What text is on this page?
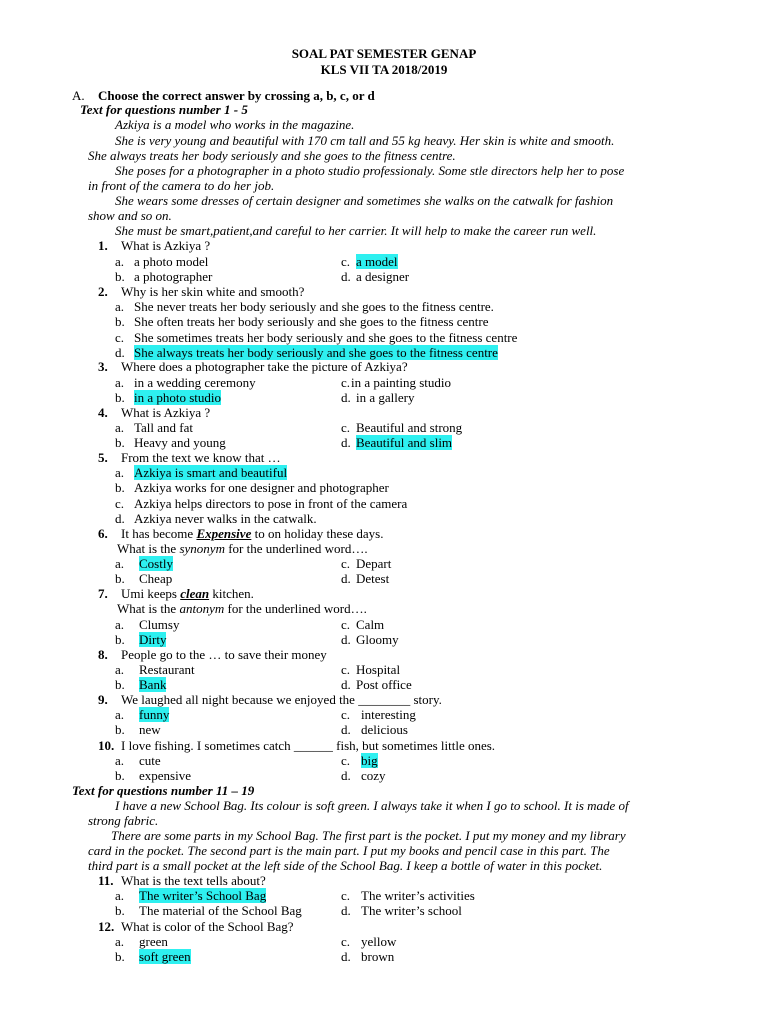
SOAL PAT SEMESTER GENAP
KLS VII TA 2018/2019
A. Choose the correct answer by crossing a, b, c, or d
Text for questions number 1 - 5
Azkiya is a model who works in the magazine.
She is very young and beautiful with 170 cm tall and 55 kg heavy. Her skin is white and smooth.
She always treats her body seriously and she goes to the fitness centre.
She poses for a photographer in a photo studio professionaly. Some stle directors help her to pose
in front of the camera to do her job.
She wears some dresses of certain designer and sometimes she walks on the catwalk for fashion
show and so on.
She must be smart,patient,and careful to her carrier. It will help to make the career run well.
1. What is Azkiya ?
a. a photo model
b. a photographer
c. a model
d. a designer
2. Why is her skin white and smooth?
a. She never treats her body seriously and she goes to the fitness centre.
b. She often treats her body seriously and she goes to the fitness centre
c. She sometimes treats her body seriously and she goes to the fitness centre
d. She always treats her body seriously and she goes to the fitness centre
3. Where does a photographer take the picture of Azkiya?
a. in a wedding ceremony
b. in a photo studio
c. in a painting studio
d. in a gallery
4. What is Azkiya ?
a. Tall and fat
b. Heavy and young
c. Beautiful and strong
d. Beautiful and slim
5. From the text we know that …
a. Azkiya is smart and beautiful
b. Azkiya works for one designer and photographer
c. Azkiya helps directors to pose in front of the camera
d. Azkiya never walks in the catwalk.
6. It has become Expensive to on holiday these days.
What is the synonym for the underlined word….
a. Costly
b. Cheap
c. Depart
d. Detest
7. Umi keeps clean kitchen.
What is the antonym for the underlined word….
a. Clumsy
b. Dirty
c. Calm
d. Gloomy
8. People go to the … to save their money
a. Restaurant
b. Bank
c. Hospital
d. Post office
9. We laughed all night because we enjoyed the ________ story.
a. funny
b. new
c. interesting
d. delicious
10. I love fishing. I sometimes catch ______ fish, but sometimes little ones.
a. cute
b. expensive
c. big
d. cozy
Text for questions number 11 – 19
I have a new School Bag. Its colour is soft green. I always take it when I go to school. It is made of
strong fabric.
There are some parts in my School Bag. The first part is the pocket. I put my money and my library
card in the pocket. The second part is the main part. I put my books and pencil case in this part. The
third part is a small pocket at the left side of the School Bag. I keep a bottle of water in this pocket.
11. What is the text tells about?
a. The writer’s School Bag
b. The material of the School Bag
c. The writer’s activities
d. The writer’s school
12. What is color of the School Bag?
a. green
b. soft green
c. yellow
d. brown
